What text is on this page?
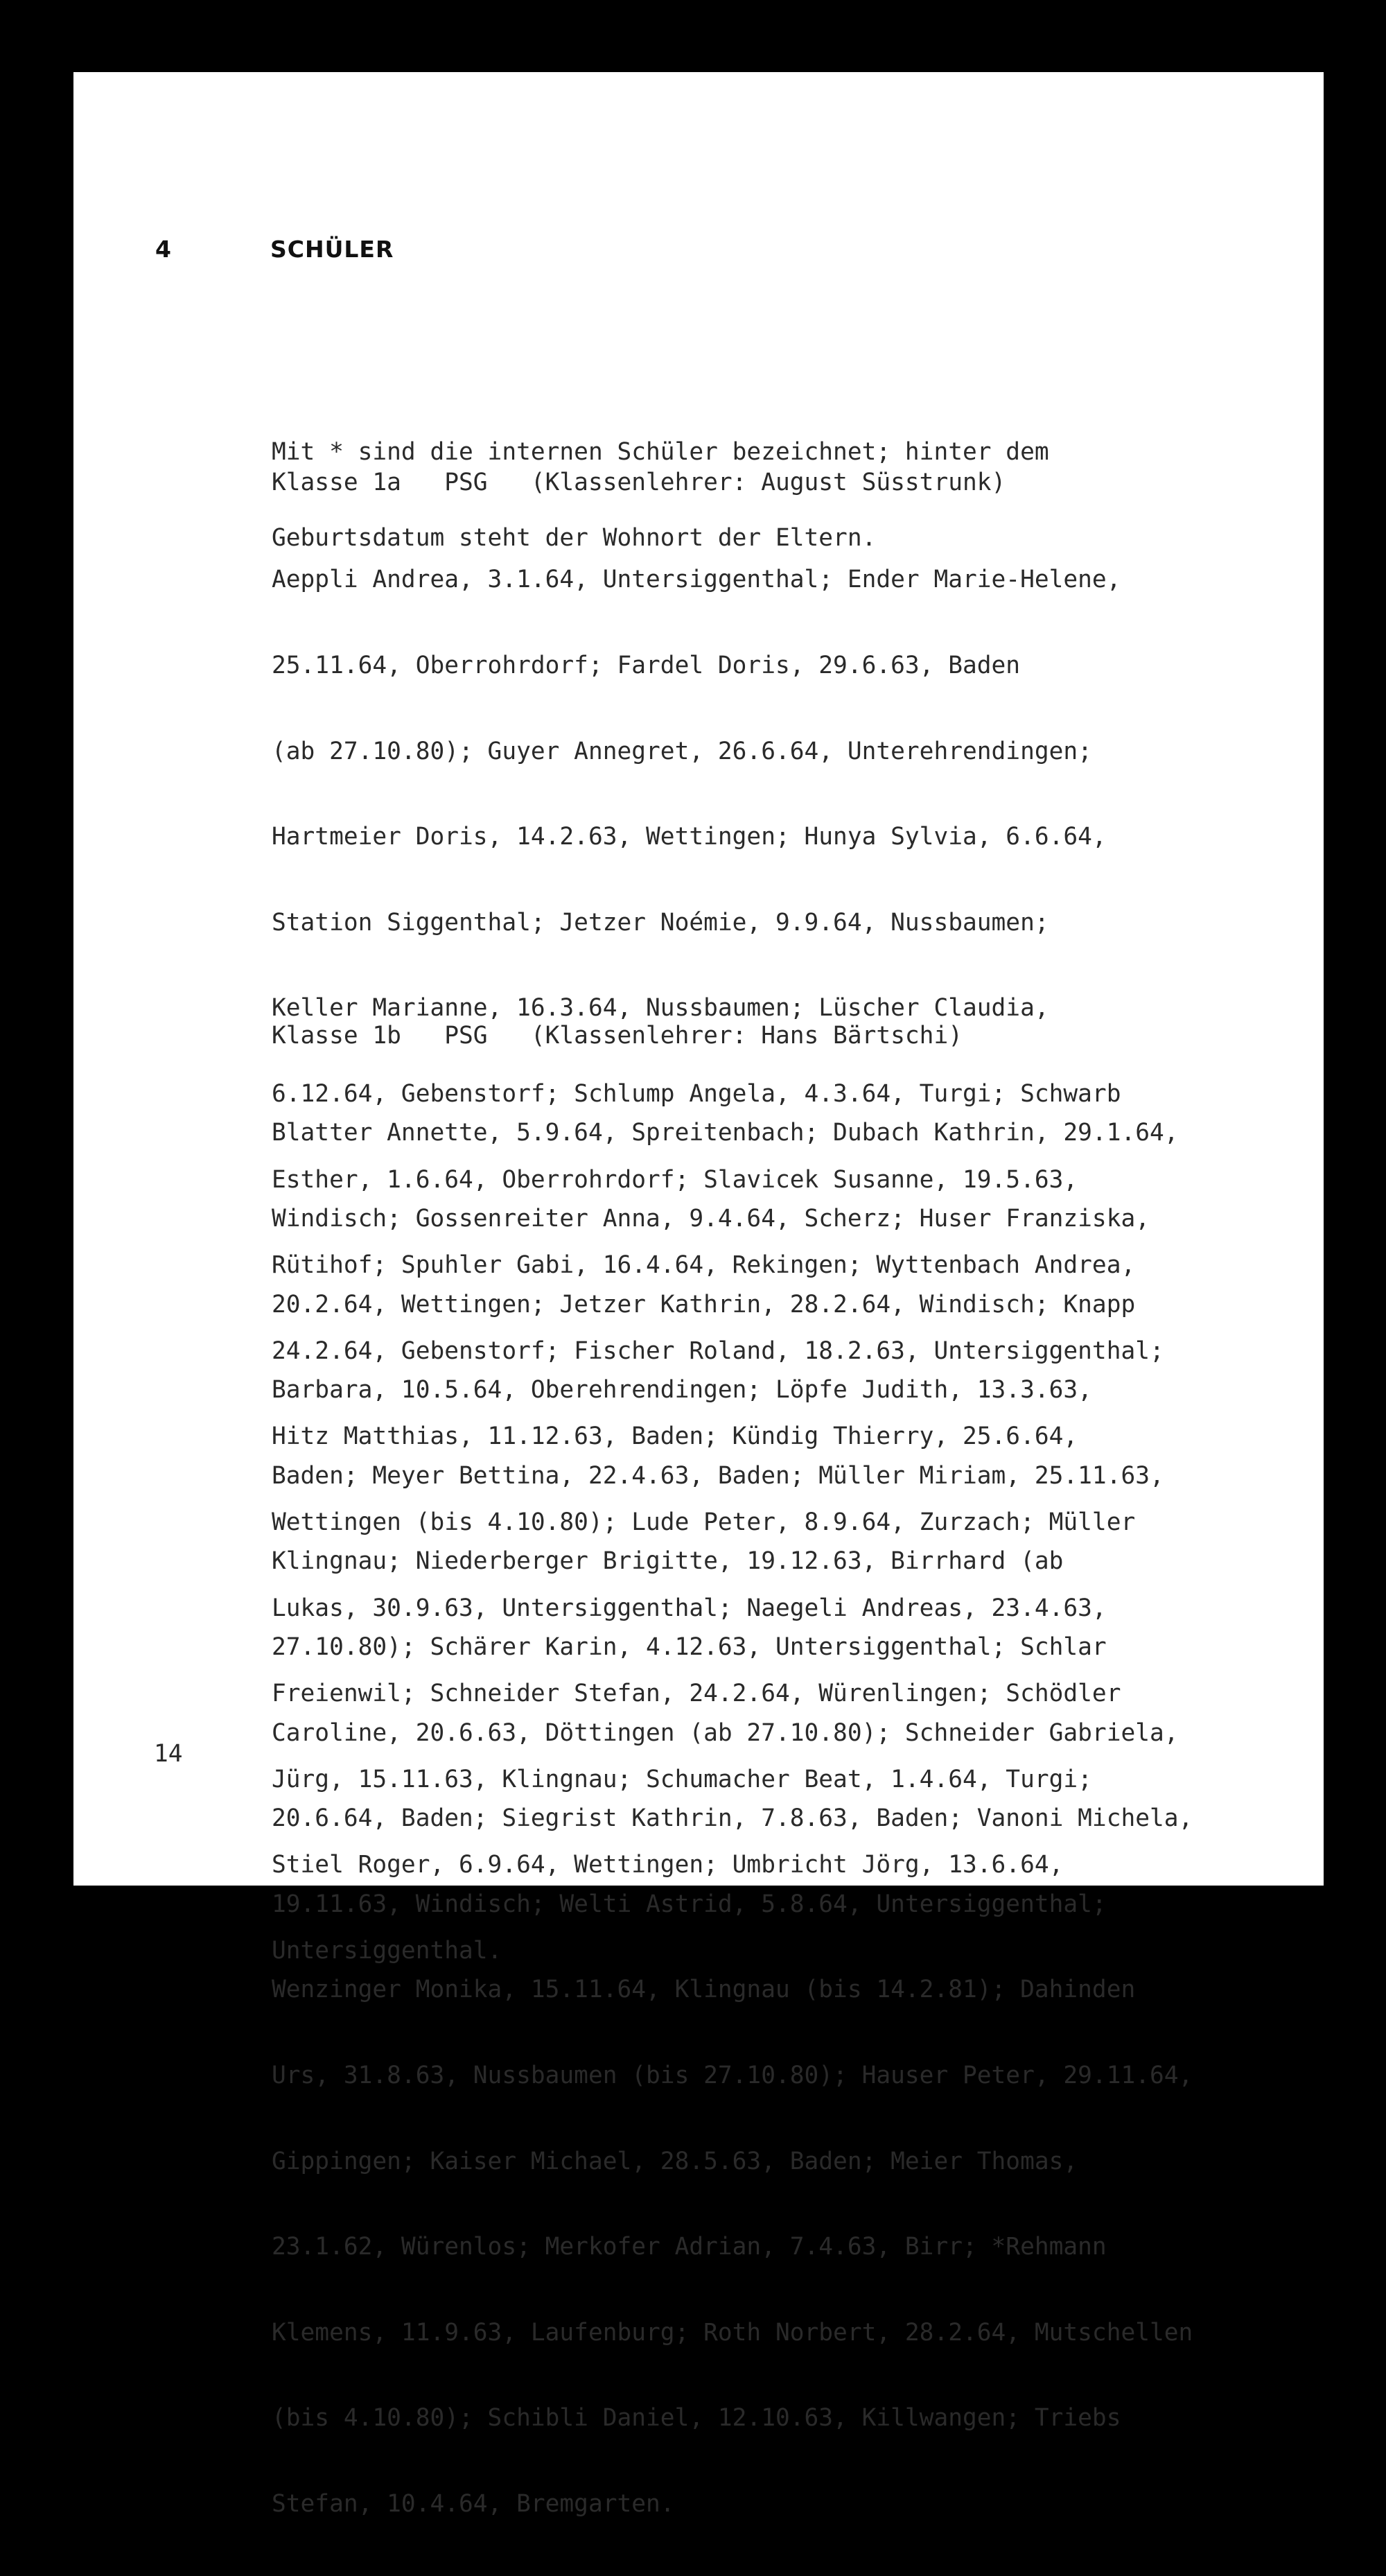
4	SCHÜLER

Mit * sind die internen Schüler bezeichnet; hinter dem

Geburtsdatum steht der Wohnort der Eltern.

Klasse 1a   PSG   (Klassenlehrer: August Süsstrunk)

Aeppli Andrea, 3.1.64, Untersiggenthal; Ender Marie-Helene,

25.11.64, Oberrohrdorf; Fardel Doris, 29.6.63, Baden

(ab 27.10.80); Guyer Annegret, 26.6.64, Unterehrendingen;

Hartmeier Doris, 14.2.63, Wettingen; Hunya Sylvia, 6.6.64,

Station Siggenthal; Jetzer Noémie, 9.9.64, Nussbaumen;

Keller Marianne, 16.3.64, Nussbaumen; Lüscher Claudia,

6.12.64, Gebenstorf; Schlump Angela, 4.3.64, Turgi; Schwarb

Esther, 1.6.64, Oberrohrdorf; Slavicek Susanne, 19.5.63,

Rütihof; Spuhler Gabi, 16.4.64, Rekingen; Wyttenbach Andrea,

24.2.64, Gebenstorf; Fischer Roland, 18.2.63, Untersiggenthal;

Hitz Matthias, 11.12.63, Baden; Kündig Thierry, 25.6.64,

Wettingen (bis 4.10.80); Lude Peter, 8.9.64, Zurzach; Müller

Lukas, 30.9.63, Untersiggenthal; Naegeli Andreas, 23.4.63,

Freienwil; Schneider Stefan, 24.2.64, Würenlingen; Schödler

Jürg, 15.11.63, Klingnau; Schumacher Beat, 1.4.64, Turgi;

Stiel Roger, 6.9.64, Wettingen; Umbricht Jörg, 13.6.64,

Untersiggenthal.

Klasse 1b   PSG   (Klassenlehrer: Hans Bärtschi)

Blatter Annette, 5.9.64, Spreitenbach; Dubach Kathrin, 29.1.64,

Windisch; Gossenreiter Anna, 9.4.64, Scherz; Huser Franziska,

20.2.64, Wettingen; Jetzer Kathrin, 28.2.64, Windisch; Knapp

Barbara, 10.5.64, Oberehrendingen; Löpfe Judith, 13.3.63,

Baden; Meyer Bettina, 22.4.63, Baden; Müller Miriam, 25.11.63,

Klingnau; Niederberger Brigitte, 19.12.63, Birrhard (ab

27.10.80); Schärer Karin, 4.12.63, Untersiggenthal; Schlar

Caroline, 20.6.63, Döttingen (ab 27.10.80); Schneider Gabriela,

20.6.64, Baden; Siegrist Kathrin, 7.8.63, Baden; Vanoni Michela,

19.11.63, Windisch; Welti Astrid, 5.8.64, Untersiggenthal;

Wenzinger Monika, 15.11.64, Klingnau (bis 14.2.81); Dahinden

Urs, 31.8.63, Nussbaumen (bis 27.10.80); Hauser Peter, 29.11.64,

Gippingen; Kaiser Michael, 28.5.63, Baden; Meier Thomas,

23.1.62, Würenlos; Merkofer Adrian, 7.4.63, Birr; *Rehmann

Klemens, 11.9.63, Laufenburg; Roth Norbert, 28.2.64, Mutschellen

(bis 4.10.80); Schibli Daniel, 12.10.63, Killwangen; Triebs

Stefan, 10.4.64, Bremgarten.

14
